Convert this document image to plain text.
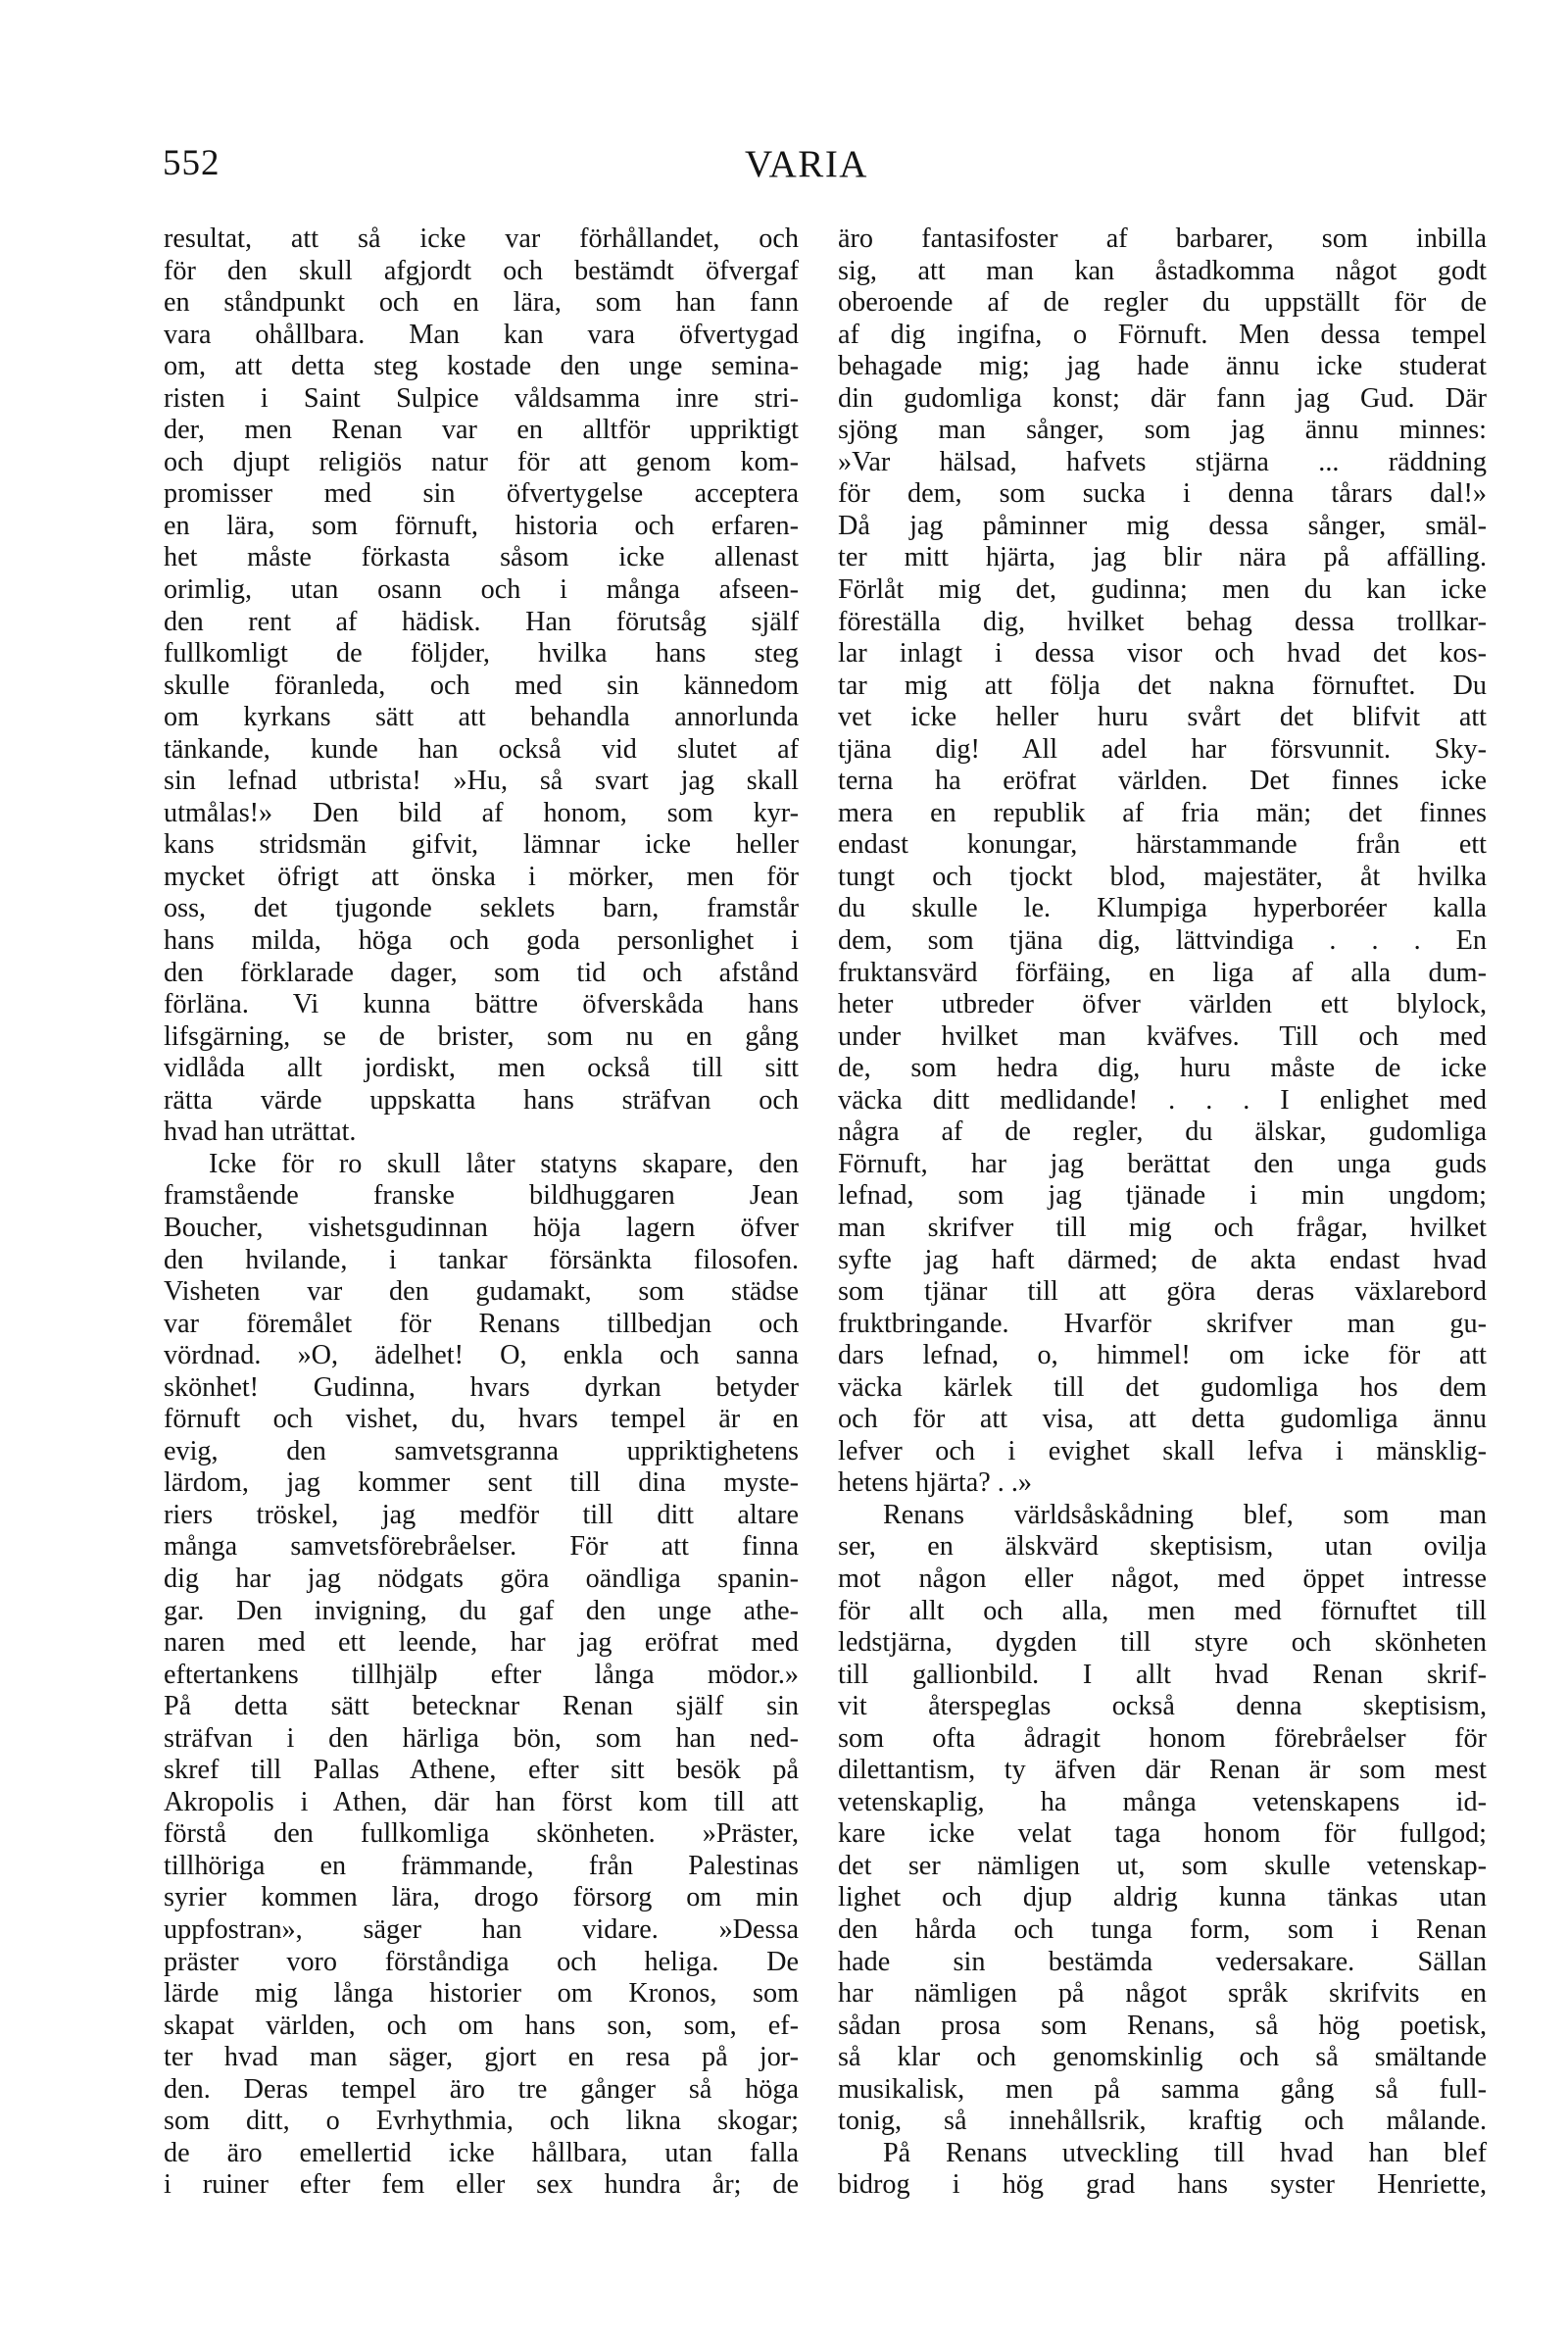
552	VARIA
resultat, att så icke var förhållandet, och
för den skull afgjordt och bestämdt öfvergaf
en ståndpunkt och en lära, som han fann
vara ohållbara. Man kan vara öfvertygad
om, att detta steg kostade den unge semina-
risten i Saint Sulpice våldsamma inre stri-
der, men Renan var en alltför uppriktigt
och djupt religiös natur för att genom kom-
promisser med sin öfvertygelse acceptera
en lära, som förnuft, historia och erfaren-
het måste förkasta såsom icke allenast
orimlig, utan osann och i många afseen-
den rent af hädisk. Han förutsåg själf
fullkomligt de följder, hvilka hans steg
skulle föranleda, och med sin kännedom
om kyrkans sätt att behandla annorlunda
tänkande, kunde han också vid slutet af
sin lefnad utbrista! »Hu, så svart jag skall
utmålas!» Den bild af honom, som kyr-
kans stridsmän gifvit, lämnar icke heller
mycket öfrigt att önska i mörker, men för
oss, det tjugonde seklets barn, framstår
hans milda, höga och goda personlighet i
den förklarade dager, som tid och afstånd
förläna. Vi kunna bättre öfverskåda hans
lifsgärning, se de brister, som nu en gång
vidlåda allt jordiskt, men också till sitt
rätta värde uppskatta hans sträfvan och
hvad han uträttat.
Icke för ro skull låter statyns skapare, den
framstående franske bildhuggaren Jean
Boucher, vishetsgudinnan höja lagern öfver
den hvilande, i tankar försänkta filosofen.
Visheten var den gudamakt, som städse
var föremålet för Renans tillbedjan och
vördnad. »O, ädelhet! O, enkla och sanna
skönhet! Gudinna, hvars dyrkan betyder
förnuft och vishet, du, hvars tempel är en
evig, den samvetsgranna uppriktighetens
lärdom, jag kommer sent till dina myste-
riers tröskel, jag medför till ditt altare
många samvetsförebråelser. För att finna
dig har jag nödgats göra oändliga spanin-
gar. Den invigning, du gaf den unge athe-
naren med ett leende, har jag eröfrat med
eftertankens tillhjälp efter långa mödor.»
På detta sätt betecknar Renan själf sin
sträfvan i den härliga bön, som han ned-
skref till Pallas Athene, efter sitt besök på
Akropolis i Athen, där han först kom till att
förstå den fullkomliga skönheten. »Präster,
tillhöriga en främmande, från Palestinas
syrier kommen lära, drogo försorg om min
uppfostran», säger han vidare. »Dessa
präster voro förståndiga och heliga. De
lärde mig långa historier om Kronos, som
skapat världen, och om hans son, som, ef-
ter hvad man säger, gjort en resa på jor-
den. Deras tempel äro tre gånger så höga
som ditt, o Evrhythmia, och likna skogar;
de äro emellertid icke hållbara, utan falla
i ruiner efter fem eller sex hundra år; de
äro fantasifoster af barbarer, som inbilla
sig, att man kan åstadkomma något godt
oberoende af de regler du uppställt för de
af dig ingifna, o Förnuft. Men dessa tempel
behagade mig; jag hade ännu icke studerat
din gudomliga konst; där fann jag Gud. Där
sjöng man sånger, som jag ännu minnes:
»Var hälsad, hafvets stjärna ... räddning
för dem, som sucka i denna tårars dal!»
Då jag påminner mig dessa sånger, smäl-
ter mitt hjärta, jag blir nära på affälling.
Förlåt mig det, gudinna; men du kan icke
föreställa dig, hvilket behag dessa trollkar-
lar inlagt i dessa visor och hvad det kos-
tar mig att följa det nakna förnuftet. Du
vet icke heller huru svårt det blifvit att
tjäna dig! All adel har försvunnit. Sky-
terna ha eröfrat världen. Det finnes icke
mera en republik af fria män; det finnes
endast konungar, härstammande från ett
tungt och tjockt blod, majestäter, åt hvilka
du skulle le. Klumpiga hyperboréer kalla
dem, som tjäna dig, lättvindiga . . . En
fruktansvärd förfäing, en liga af alla dum-
heter utbreder öfver världen ett blylock,
under hvilket man kväfves. Till och med
de, som hedra dig, huru måste de icke
väcka ditt medlidande! . . . I enlighet med
några af de regler, du älskar, gudomliga
Förnuft, har jag berättat den unga guds
lefnad, som jag tjänade i min ungdom;
man skrifver till mig och frågar, hvilket
syfte jag haft därmed; de akta endast hvad
som tjänar till att göra deras växlarebord
fruktbringande. Hvarför skrifver man gu-
dars lefnad, o, himmel! om icke för att
väcka kärlek till det gudomliga hos dem
och för att visa, att detta gudomliga ännu
lefver och i evighet skall lefva i mänsklig-
hetens hjärta? . .»
Renans världsåskådning blef, som man
ser, en älskvärd skeptisism, utan ovilja
mot någon eller något, med öppet intresse
för allt och alla, men med förnuftet till
ledstjärna, dygden till styre och skönheten
till gallionbild. I allt hvad Renan skrif-
vit återspeglas också denna skeptisism,
som ofta ådragit honom förebråelser för
dilettantism, ty äfven där Renan är som mest
vetenskaplig, ha många vetenskapens id-
kare icke velat taga honom för fullgod;
det ser nämligen ut, som skulle vetenskap-
lighet och djup aldrig kunna tänkas utan
den hårda och tunga form, som i Renan
hade sin bestämda vedersakare. Sällan
har nämligen på något språk skrifvits en
sådan prosa som Renans, så hög poetisk,
så klar och genomskinlig och så smältande
musikalisk, men på samma gång så full-
tonig, så innehållsrik, kraftig och målande.
På Renans utveckling till hvad han blef
bidrog i hög grad hans syster Henriette,
